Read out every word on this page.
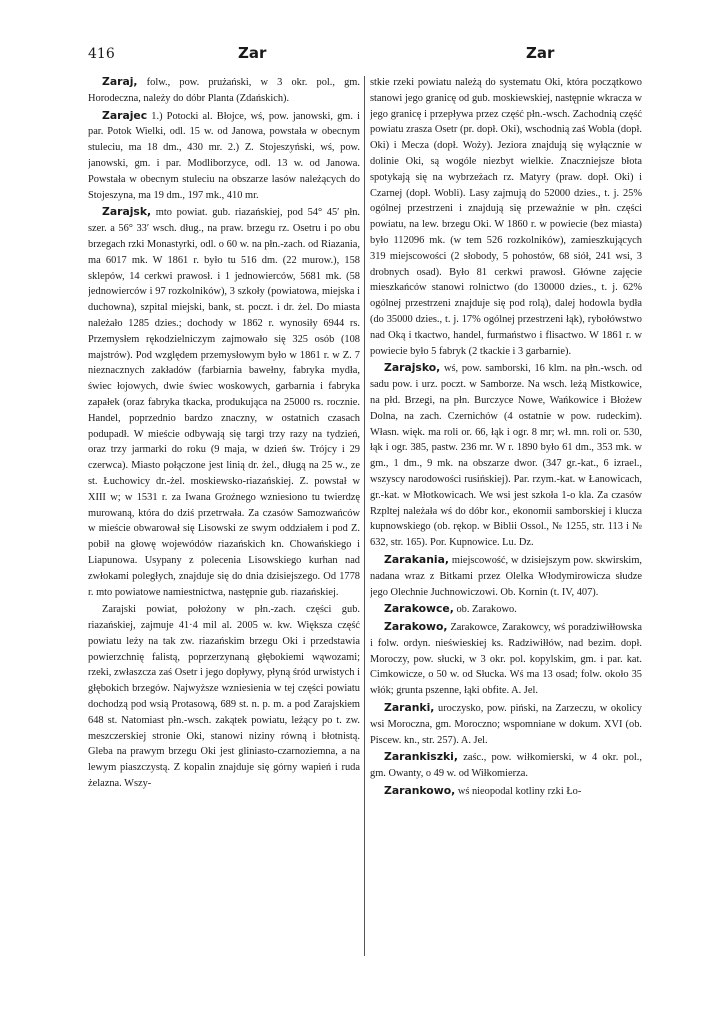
416	Zar	Zar

Zaraj, folw., pow. prużański, w 3 okr. pol., gm. Horodeczna, należy do dóbr Planta (Zdańskich).

Zarajec 1.) Potocki al. Błojce, wś, pow. janowski, gm. i par. Potok Wielki, odl. 15 w. od Janowa, powstała w obecnym stuleciu, ma 18 dm., 430 mr. 2.) Z. Stojeszyński, wś, pow. janowski, gm. i par. Modliborzyce, odl. 13 w. od Janowa. Powstała w obecnym stuleciu na obszarze lasów należących do Stojeszyna, ma 19 dm., 197 mk., 410 mr.

Zarajsk, mto powiat. gub. riazańskiej, pod 54° 45′ płn. szer. a 56° 33′ wsch. dług., na praw. brzegu rz. Osetru i po obu brzegach rzki Monastyrki, odl. o 60 w. na płn.-zach. od Riazania, ma 6017 mk. W 1861 r. było tu 516 dm. (22 murow.), 158 sklepów, 14 cerkwi prawosł. i 1 jednowierców, 5681 mk. (58 jednowierców i 97 rozkolników), 3 szkoły (powiatowa, miejska i duchowna), szpital miejski, bank, st. poczt. i dr. żel. Do miasta należało 1285 dzies.; dochody w 1862 r. wynosiły 6944 rs. Przemysłem rękodzielniczym zajmowało się 325 osób (108 majstrów). Pod względem przemysłowym było w 1861 r. w Z. 7 nieznacznych zakładów (farbiarnia bawełny, fabryka mydła, świec łojowych, dwie świec woskowych, garbarnia i fabryka zapałek (oraz fabryka tkacka, produkująca na 25000 rs. rocznie. Handel, poprzednio bardzo znaczny, w ostatnich czasach podupadł. W mieście odbywają się targi trzy razy na tydzień, oraz trzy jarmarki do roku (9 maja, w dzień św. Trójcy i 29 czerwca). Miasto połączone jest linią dr. żel., długą na 25 w., ze st. Łuchowicy dr.-żel. moskiewsko-riazańskiej. Z. powstał w XIII w; w 1531 r. za Iwana Groźnego wzniesiono tu twierdzę murowaną, która do dziś przetrwała. Za czasów Samozwańców w mieście obwarował się Lisowski ze swym oddziałem i pod Z. pobił na głowę wojewódów riazańskich kn. Chowańskiego i Liapunowa. Usypany z polecenia Lisowskiego kurhan nad zwłokami poległych, znajduje się do dnia dzisiejszego. Od 1778 r. mto powiatowe namiestnictwa, następnie gub. riazańskiej.

Zarajski powiat, położony w płn.-zach. części gub. riazańskiej, zajmuje 41·4 mil al. 2005 w. kw. Większa część powiatu leży na tak zw. riazańskim brzegu Oki i przedstawia powierzchnię falistą, poprzerzynaną głębokiemi wąwozami; rzeki, zwłaszcza zaś Osetr i jego dopływy, płyną śród urwistych i głębokich brzegów. Najwyższe wzniesienia w tej części powiatu dochodzą pod wsią Protasową, 689 st. n. p. m. a pod Zarajskiem 648 st. Natomiast płn.-wsch. zakątek powiatu, leżący po t. zw. meszczerskiej stronie Oki, stanowi niziny równą i błotnistą. Gleba na prawym brzegu Oki jest gliniasto-czarnoziemna, a na lewym piaszczystą. Z kopalin znajduje się górny wapień i ruda żelazna. Wszy-

stkie rzeki powiatu należą do systematu Oki, która początkowo stanowi jego granicę od gub. moskiewskiej, następnie wkracza w jego granicę i przepływa przez część płn.-wsch. Zachodnią część powiatu zrasza Osetr (pr. dopł. Oki), wschodnią zaś Wobla (dopł. Oki) i Mecza (dopł. Woży). Jeziora znajdują się wyłącznie w dolinie Oki, są wogóle niezbyt wielkie. Znaczniejsze błota spotykają się na wybrzeżach rz. Matyry (praw. dopł. Oki) i Czarnej (dopł. Wobli). Lasy zajmują do 52000 dzies., t. j. 25% ogólnej przestrzeni i znajdują się przeważnie w płn. części powiatu, na lew. brzegu Oki. W 1860 r. w powiecie (bez miasta) było 112096 mk. (w tem 526 rozkolników), zamieszkujących 319 miejscowości (2 słobody, 5 pohostów, 68 siół, 241 wsi, 3 drobnych osad). Było 81 cerkwi prawosł. Główne zajęcie mieszkańców stanowi rolnictwo (do 130000 dzies., t. j. 62% ogólnej przestrzeni znajduje się pod rolą), dalej hodowla bydła (do 35000 dzies., t. j. 17% ogólnej przestrzeni łąk), rybołówstwo nad Oką i tkactwo, handel, furmaństwo i flisactwo. W 1861 r. w powiecie było 5 fabryk (2 tkackie i 3 garbarnie).

Zarajsko, wś, pow. samborski, 16 klm. na płn.-wsch. od sadu pow. i urz. poczt. w Samborze. Na wsch. leżą Mistkowice, na płd. Brzegi, na płn. Burczyce Nowe, Wańkowice i Błożew Dolna, na zach. Czernichów (4 ostatnie w pow. rudeckim). Własn. więk. ma roli or. 66, łąk i ogr. 8 mr; wł. mn. roli or. 530, łąk i ogr. 385, pastw. 236 mr. W r. 1890 było 61 dm., 353 mk. w gm., 1 dm., 9 mk. na obszarze dwor. (347 gr.-kat., 6 izrael., wszyscy narodowości rusińskiej). Par. rzym.-kat. w Łanowicach, gr.-kat. w Młotkowicach. We wsi jest szkoła 1-o kla. Za czasów Rzpltej należała wś do dóbr kor., ekonomii samborskiej i klucza kupnowskiego (ob. rękop. w Biblii Ossol., № 1255, str. 113 i № 632, str. 165). Por. Kupnowice. Lu. Dz.

Zarakania, miejscowość, w dzisiejszym pow. skwirskim, nadana wraz z Bitkami przez Olelka Włodymirowicza słudze jego Olechnie Juchnowiczowi. Ob. Kornin (t. IV, 407).

Zarakowce, ob. Zarakowo.

Zarakowo, Zarakowce, Zarakowcy, wś poradziwiłłowska i folw. ordyn. nieświeskiej ks. Radziwiłłów, nad bezim. dopł. Moroczy, pow. słucki, w 3 okr. pol. kopylskim, gm. i par. kat. Cimkowicze, o 50 w. od Słucka. Wś ma 13 osad; folw. około 35 włók; grunta pszenne, łąki obfite. A. Jel.

Zaranki, uroczysko, pow. piński, na Zarzeczu, w okolicy wsi Moroczna, gm. Moroczno; wspomniane w dokum. XVI (ob. Piscew. kn., str. 257). A. Jel.

Zarankiszki, zaśc., pow. wiłkomierski, w 4 okr. pol., gm. Owanty, o 49 w. od Wiłkomierza.

Zarankowo, wś nieopodal kotliny rzki Ło-
